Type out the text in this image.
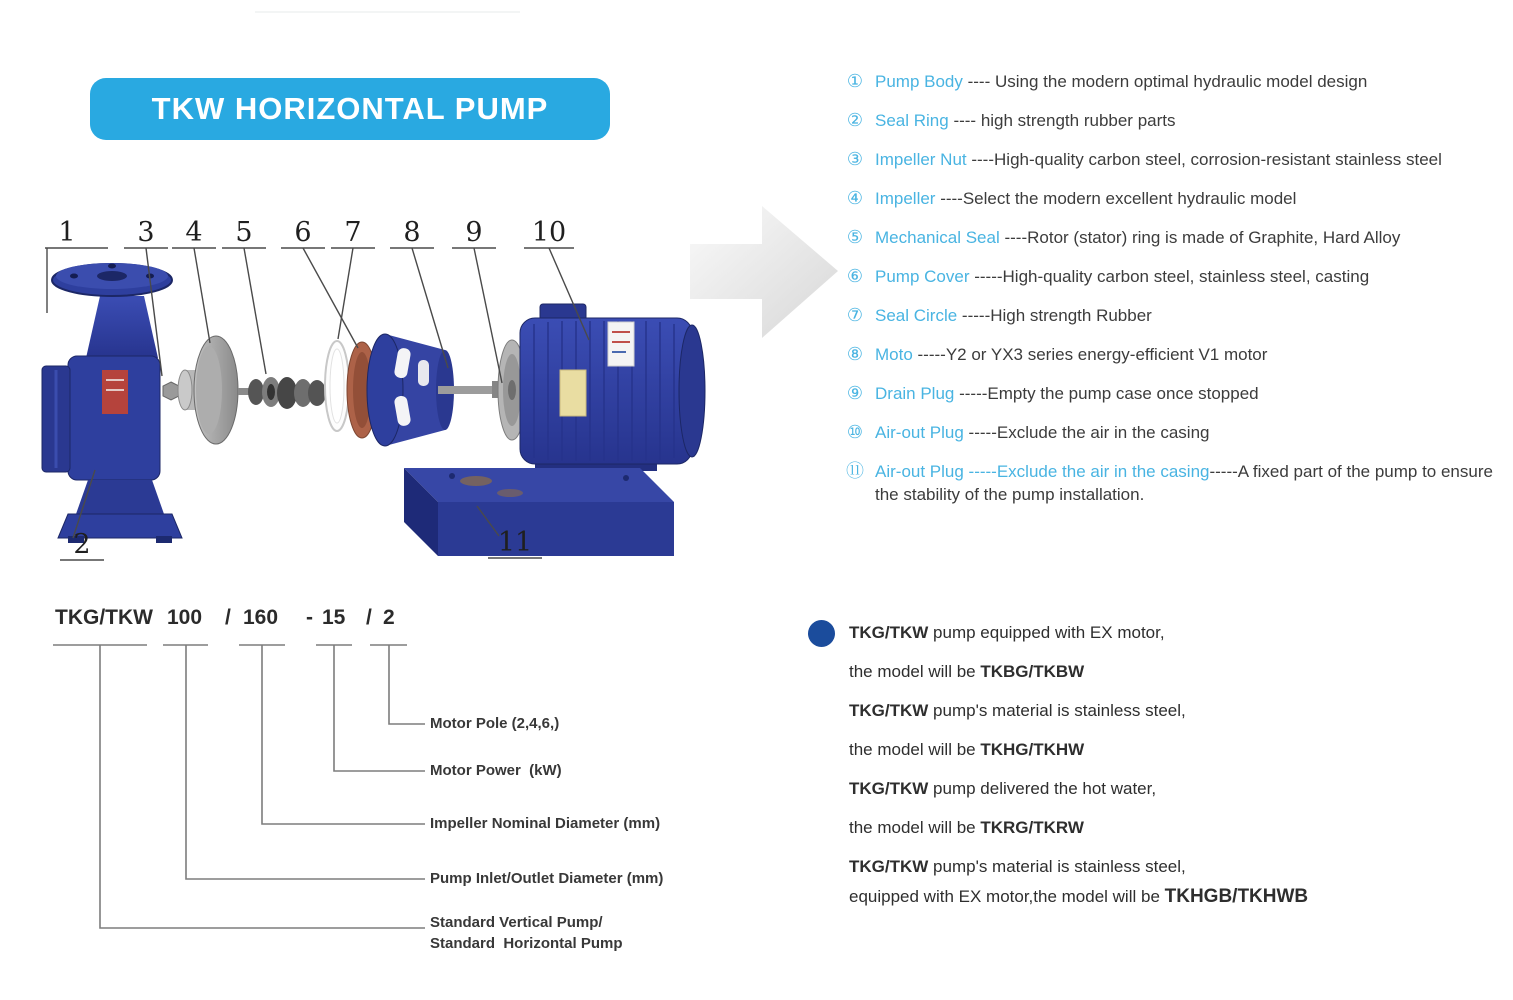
TKW HORIZONTAL PUMP
1 3 4 5 6 7 8 9 10
2	11
① Pump Body ---- Using the modern optimal hydraulic model design
② Seal Ring ---- high strength rubber parts
③ Impeller Nut ----High-quality carbon steel, corrosion-resistant stainless steel
④ Impeller ----Select the modern excellent hydraulic model
⑤ Mechanical Seal ----Rotor (stator) ring is made of Graphite, Hard Alloy
⑥ Pump Cover -----High-quality carbon steel, stainless steel, casting
⑦ Seal Circle -----High strength Rubber
⑧ Moto -----Y2 or YX3 series energy-efficient V1 motor
⑨ Drain Plug -----Empty the pump case once stopped
⑩ Air-out Plug -----Exclude the air in the casing
⑪ Air-out Plug -----Exclude the air in the casing-----A fixed part of the pump to ensure the stability of the pump installation.
TKG/TKW 100 / 160 - 15 / 2
Motor Pole (2,4,6,)
Motor Power  (kW)
Impeller Nominal Diameter (mm)
Pump Inlet/Outlet Diameter (mm)
Standard Vertical Pump/
Standard  Horizontal Pump
TKG/TKW pump equipped with EX motor,
the model will be TKBG/TKBW
TKG/TKW pump's material is stainless steel,
the model will be TKHG/TKHW
TKG/TKW pump delivered the hot water,
the model will be TKRG/TKRW
TKG/TKW pump's material is stainless steel,
equipped with EX motor,the model will be TKHGB/TKHWB
